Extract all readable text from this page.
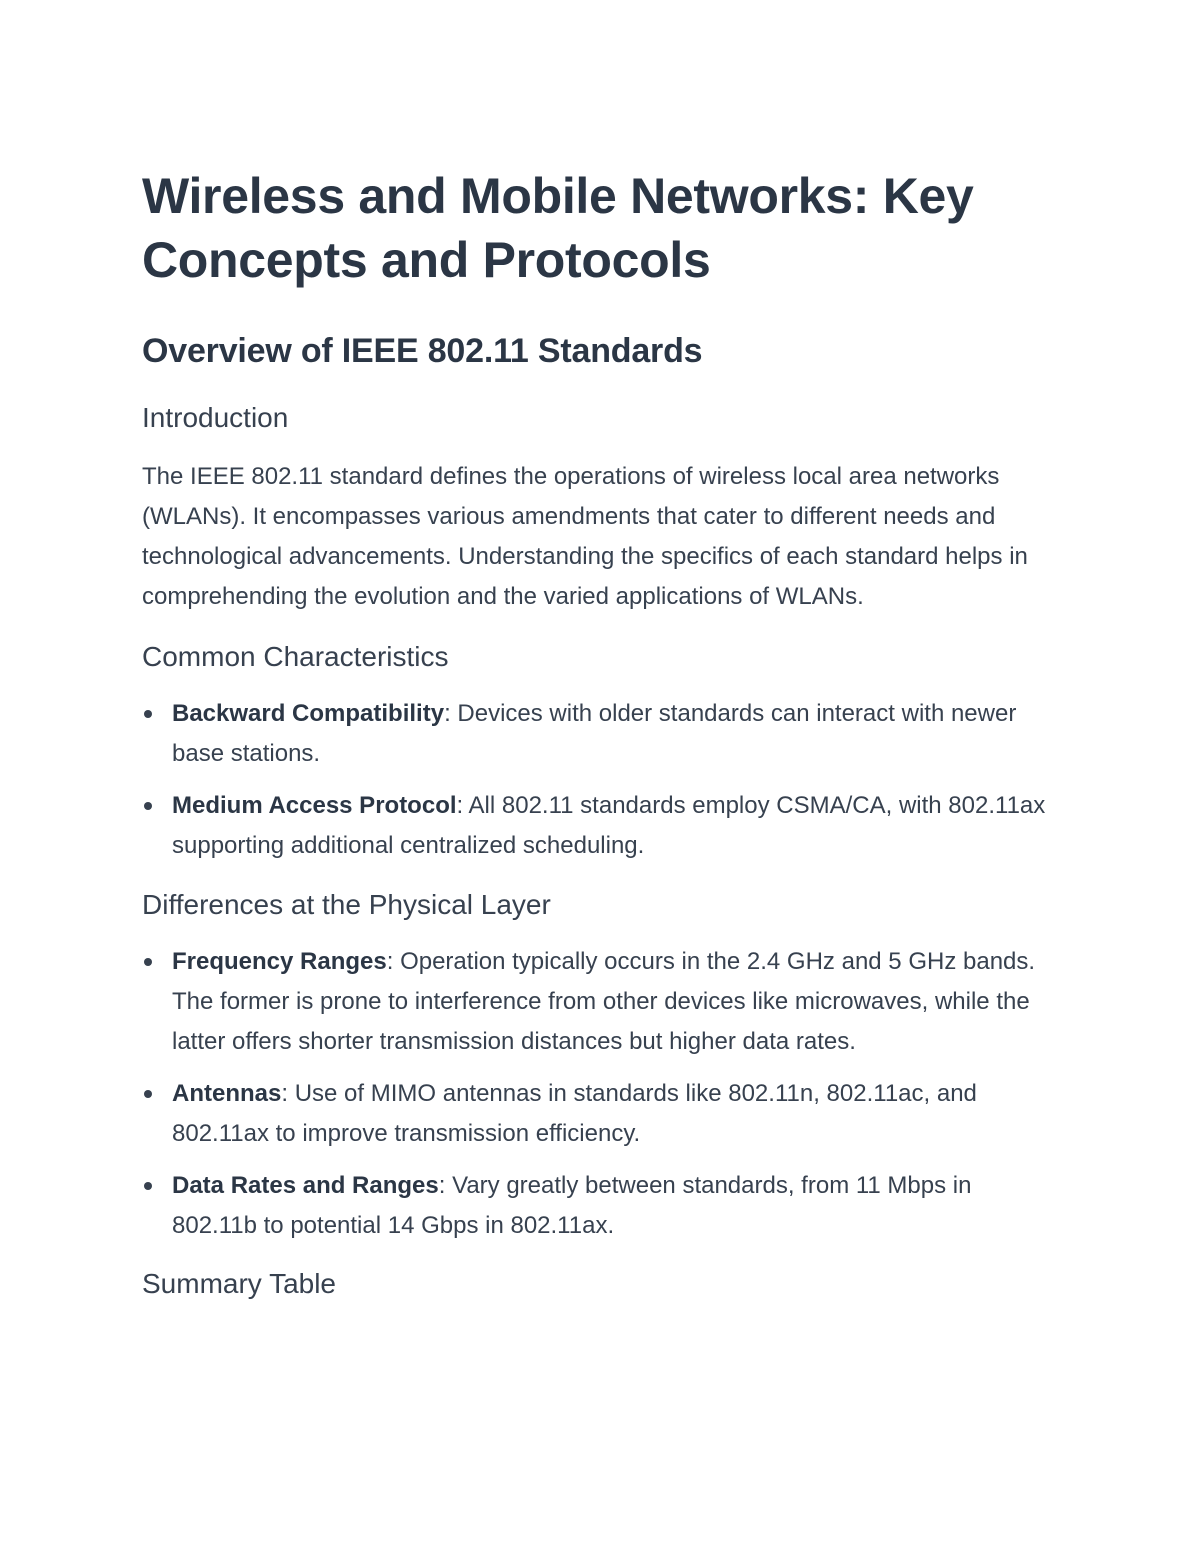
Wireless and Mobile Networks: Key Concepts and Protocols
Overview of IEEE 802.11 Standards
Introduction

The IEEE 802.11 standard defines the operations of wireless local area networks (WLANs). It encompasses various amendments that cater to different needs and technological advancements. Understanding the specifics of each standard helps in comprehending the evolution and the varied applications of WLANs.

Common Characteristics
Backward Compatibility: Devices with older standards can interact with newer base stations.
Medium Access Protocol: All 802.11 standards employ CSMA/CA, with 802.11ax supporting additional centralized scheduling.
Differences at the Physical Layer
Frequency Ranges: Operation typically occurs in the 2.4 GHz and 5 GHz bands. The former is prone to interference from other devices like microwaves, while the latter offers shorter transmission distances but higher data rates.
Antennas: Use of MIMO antennas in standards like 802.11n, 802.11ac, and 802.11ax to improve transmission efficiency.
Data Rates and Ranges: Vary greatly between standards, from 11 Mbps in 802.11b to potential 14 Gbps in 802.11ax.
Summary Table
